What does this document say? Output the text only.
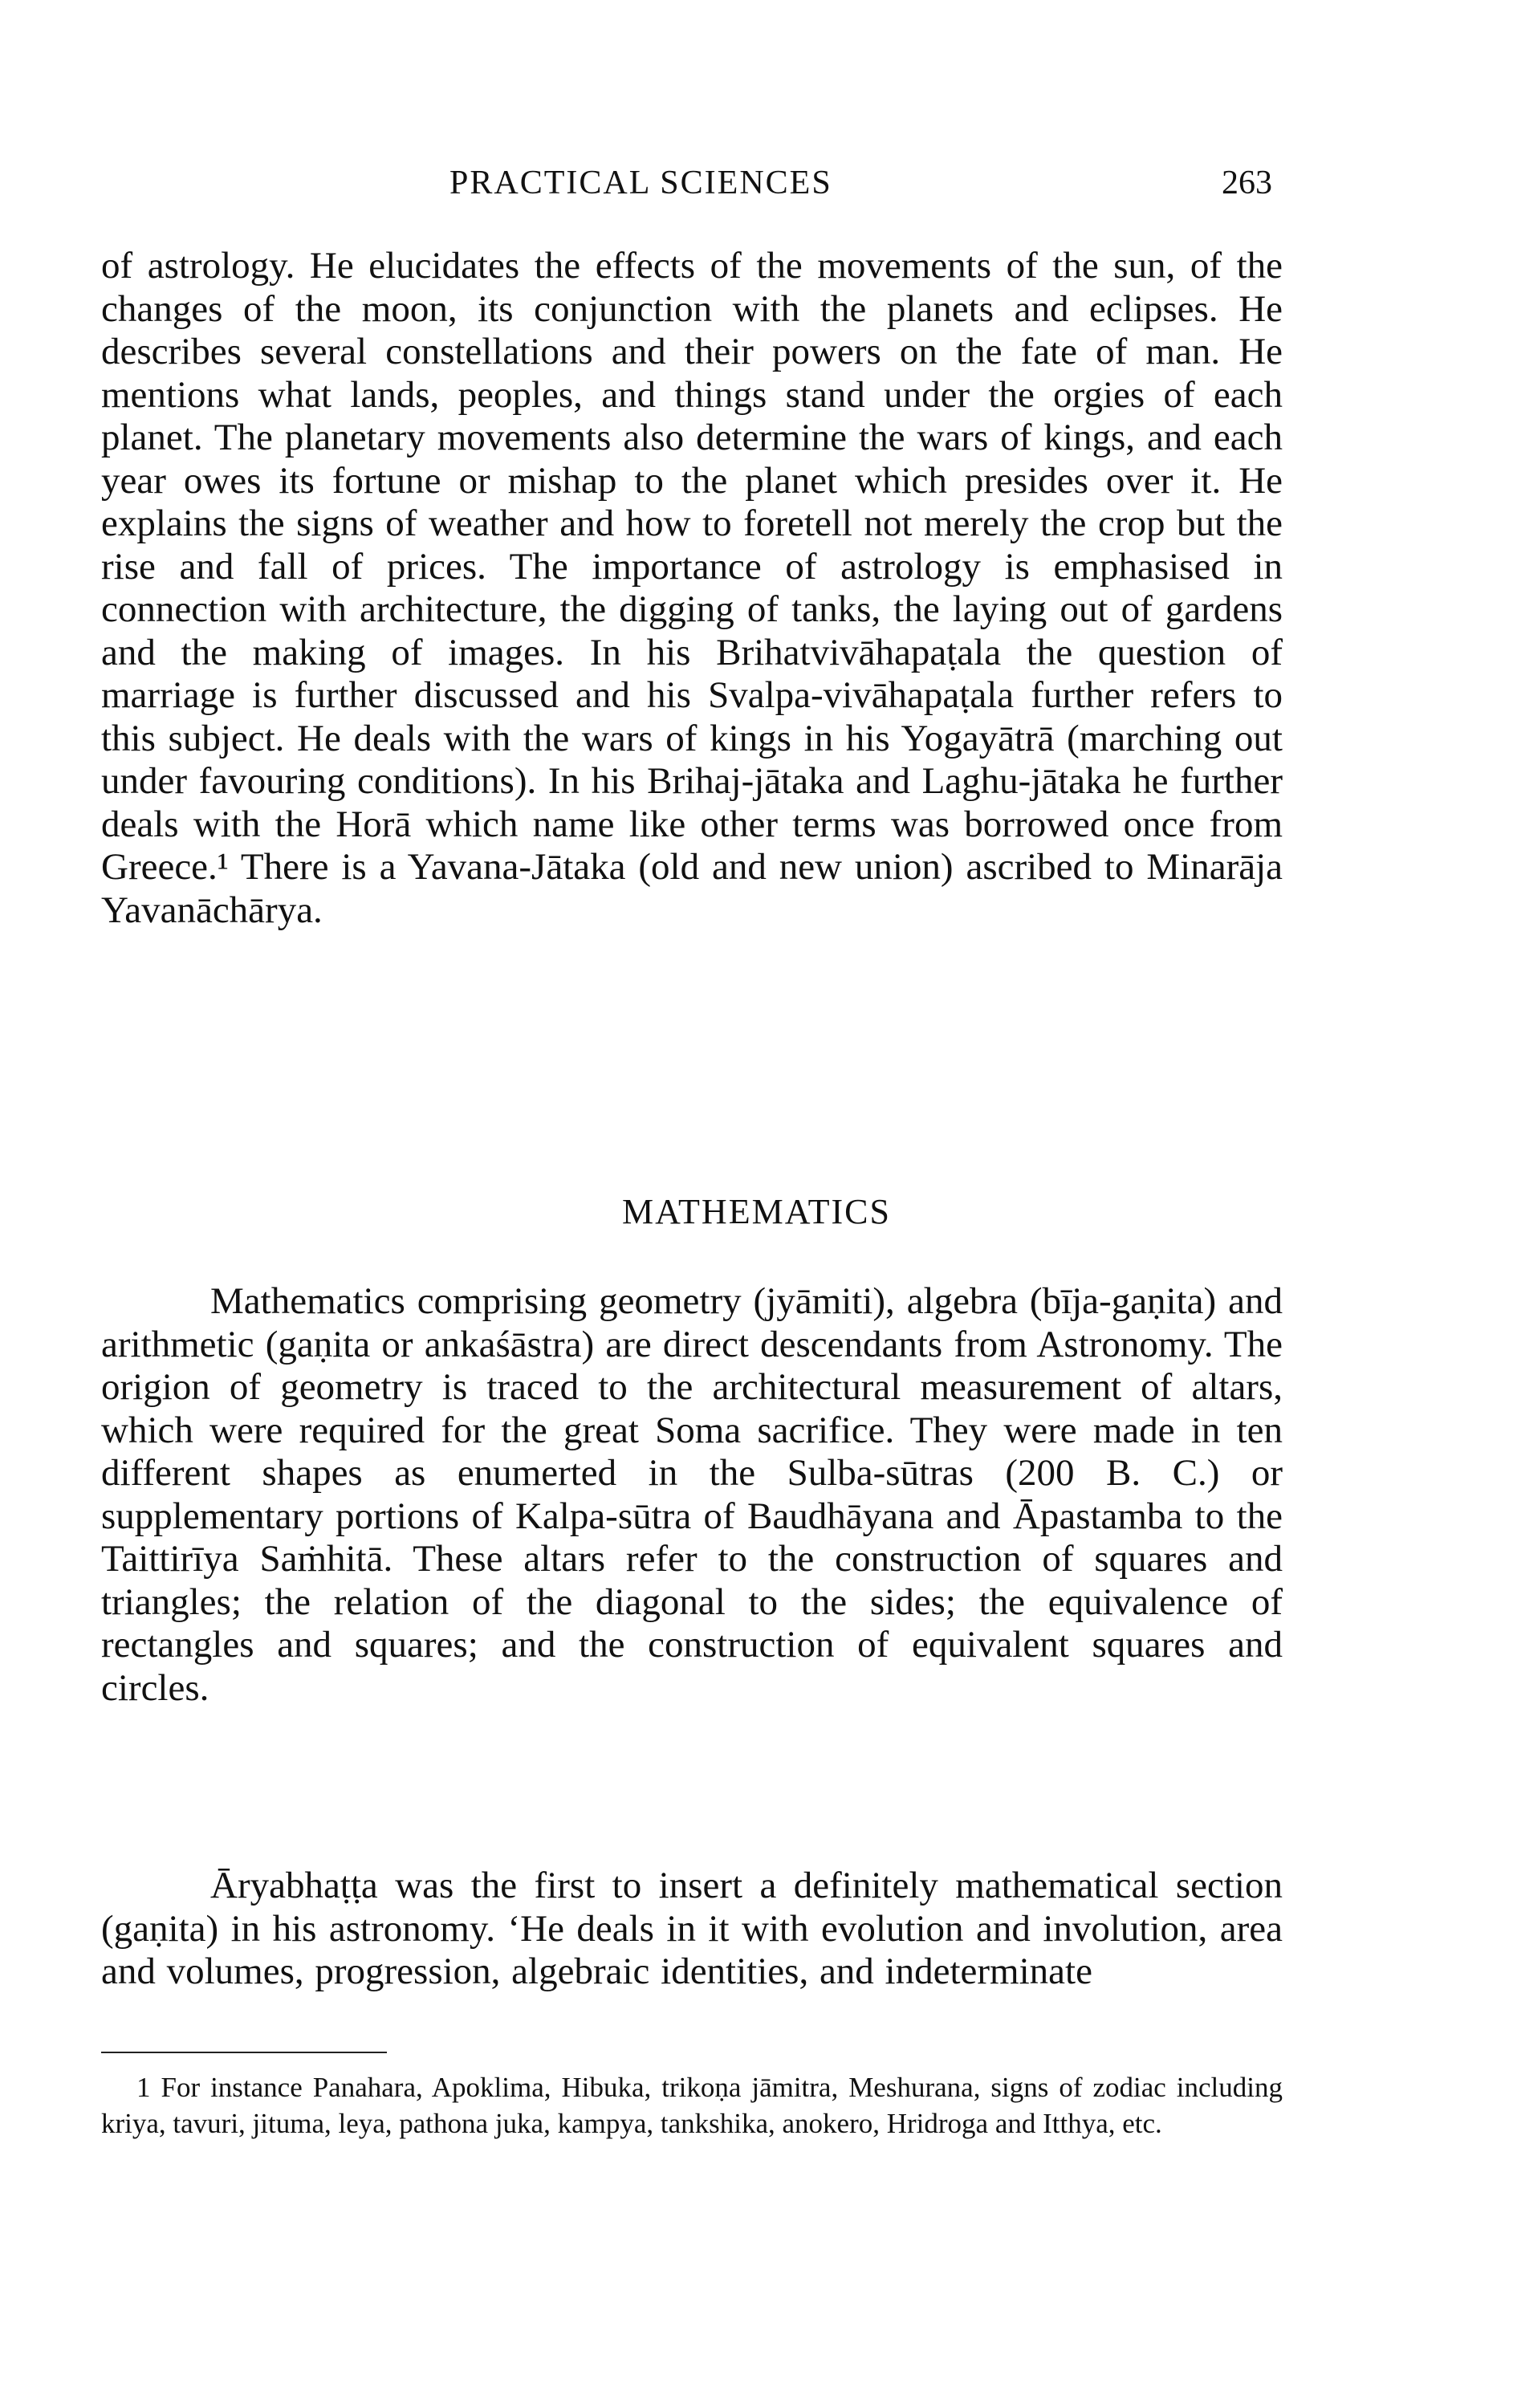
PRACTICAL SCIENCES	263

of astrology. He elucidates the effects of the movements of the sun, of the changes of the moon, its conjunction with the planets and eclipses. He describes several constellations and their powers on the fate of man. He mentions what lands, peoples, and things stand under the orgies of each planet. The planetary movements also determine the wars of kings, and each year owes its fortune or mishap to the planet which presides over it. He explains the signs of weather and how to foretell not merely the crop but the rise and fall of prices. The importance of astrology is emphasised in connection with architecture, the digging of tanks, the laying out of gardens and the making of images. In his Brihatvivāhapaṭala the question of marriage is further discussed and his Svalpa-vivāhapaṭala further refers to this subject. He deals with the wars of kings in his Yogayātrā (marching out under favouring conditions). In his Brihaj-jātaka and Laghu-jātaka he further deals with the Horā which name like other terms was borrowed once from Greece.¹ There is a Yavana-Jātaka (old and new union) ascribed to Minarāja Yavanāchārya.

MATHEMATICS

Mathematics comprising geometry (jyāmiti), algebra (bīja-gaṇita) and arithmetic (gaṇita or ankaśāstra) are direct descendants from Astronomy. The origion of geometry is traced to the architectural measurement of altars, which were required for the great Soma sacrifice. They were made in ten different shapes as enumerted in the Sulba-sūtras (200 B. C.) or supplementary portions of Kalpa-sūtra of Baudhāyana and Āpastamba to the Taittirīya Saṁhitā. These altars refer to the construction of squares and triangles; the relation of the diagonal to the sides; the equivalence of rectangles and squares; and the construction of equivalent squares and circles.

Āryabhaṭṭa was the first to insert a definitely mathematical section (gaṇita) in his astronomy. ‘He deals in it with evolution and involution, area and volumes, progression, algebraic identities, and indeterminate

1 For instance Panahara, Apoklima, Hibuka, trikoṇa jāmitra, Meshurana, signs of zodiac including kriya, tavuri, jituma, leya, pathona juka, kampya, tankshika, anokero, Hridroga and Itthya, etc.
